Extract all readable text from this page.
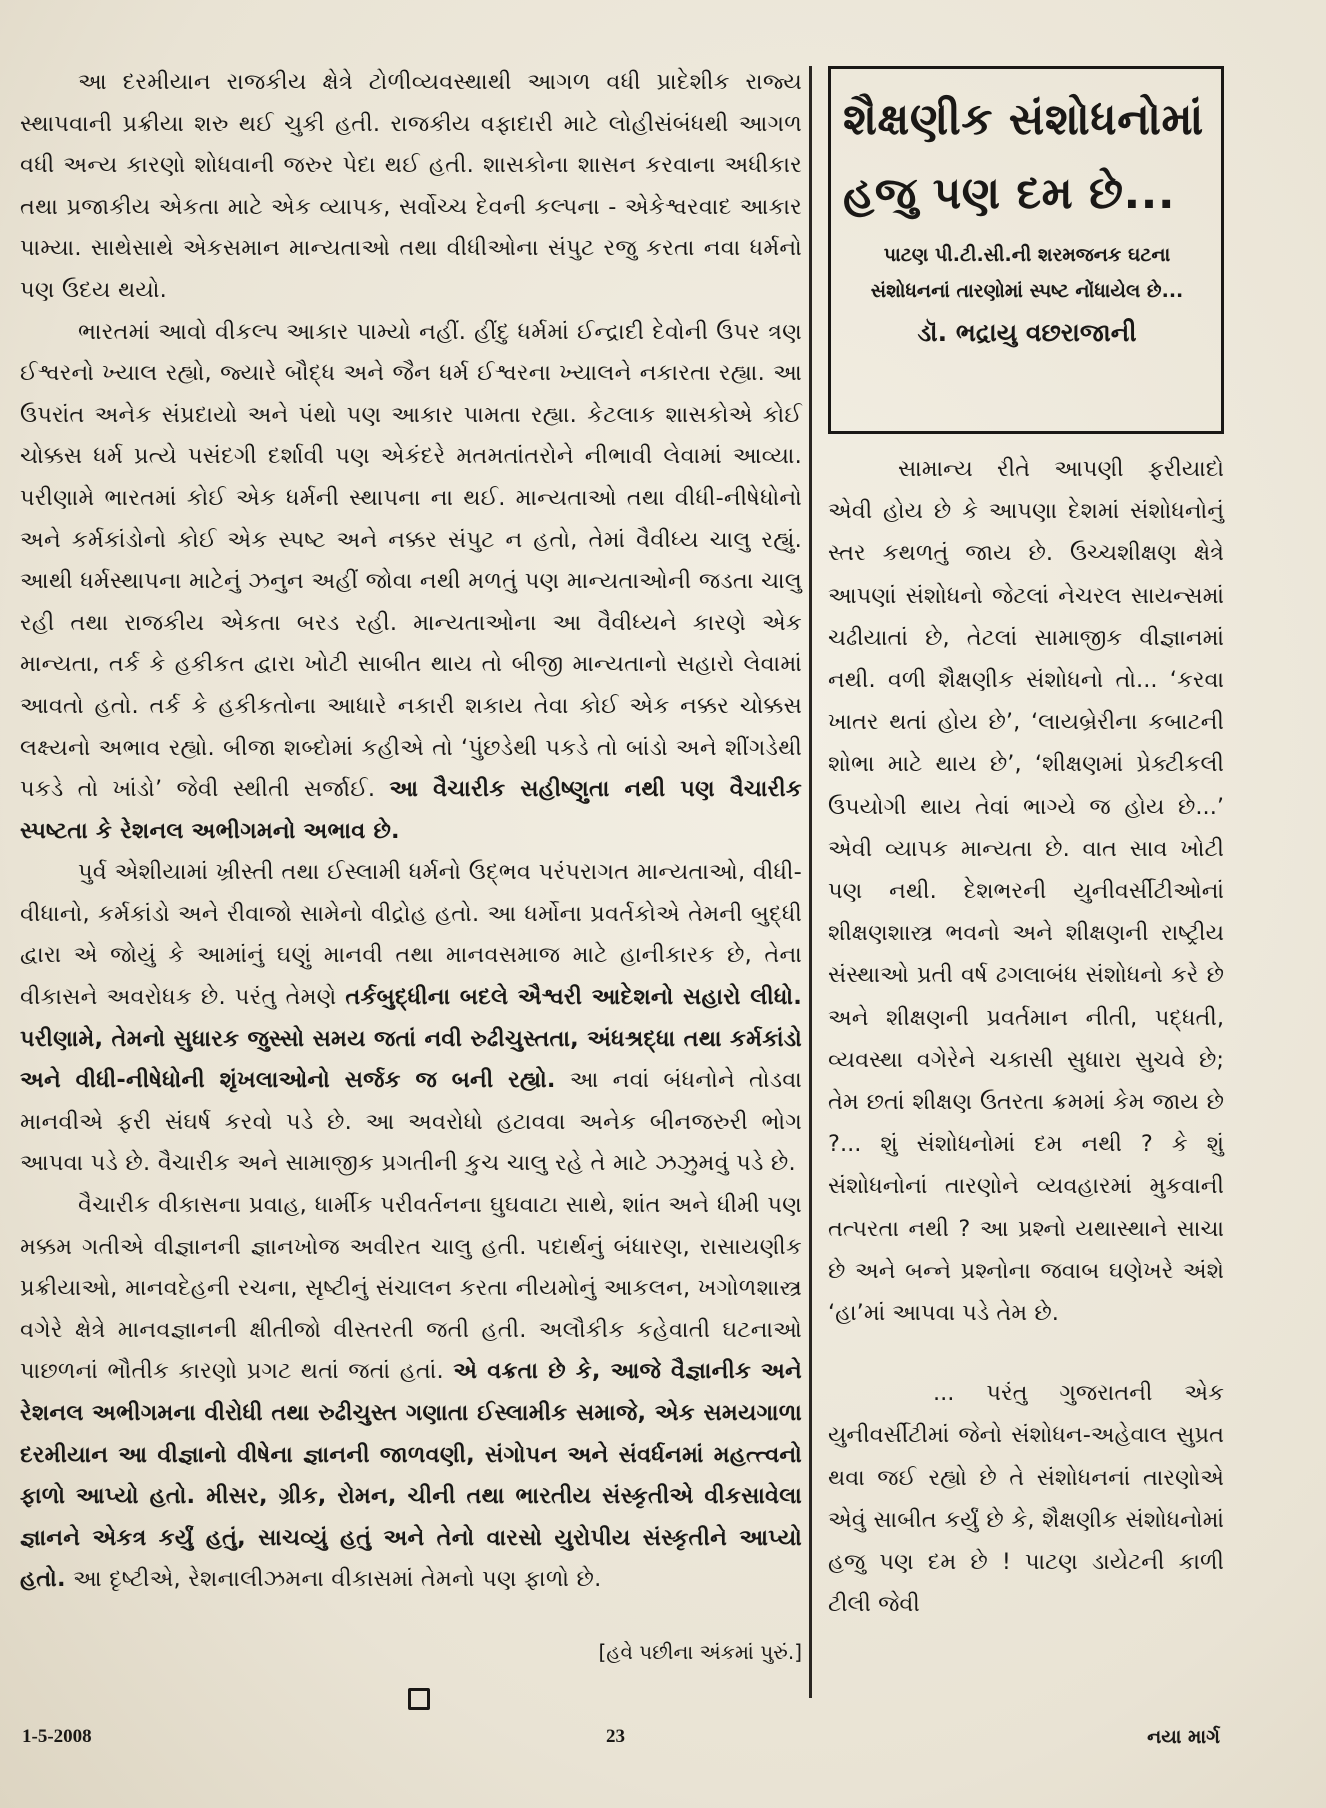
આ દરમીયાન રાજકીય ક્ષેત્રે ટોળીવ્યવસ્થાથી આગળ વધી પ્રાદેશીક રાજ્ય સ્થાપવાની પ્રક્રીયા શરુ થઈ ચુકી હતી. રાજકીય વફાદારી માટે લોહીસંબંધથી આગળ વધી અન્ય કારણો શોધવાની જરુર પેદા થઈ હતી. શાસકોના શાસન કરવાના અધીકાર તથા પ્રજાકીય એકતા માટે એક વ્યાપક, સર્વોચ્ચ દેવની કલ્પના - એકેશ્વરવાદ આકાર પામ્યા. સાથેસાથે એકસમાન માન્યતાઓ તથા વીધીઓના સંપુટ રજુ કરતા નવા ધર્મનો પણ ઉદય થયો.

ભારતમાં આવો વીકલ્પ આકાર પામ્યો નહીં. હીંદુ ધર્મમાં ઈન્દ્રાદી દેવોની ઉપર ત્રણ ઈશ્વરનો ખ્યાલ રહ્યો, જ્યારે બૌદ્ધ અને જૈન ધર્મ ઈશ્વરના ખ્યાલને નકારતા રહ્યા. આ ઉપરાંત અનેક સંપ્રદાયો અને પંથો પણ આકાર પામતા રહ્યા. કેટલાક શાસકોએ કોઈ ચોક્કસ ધર્મ પ્રત્યે પસંદગી દર્શાવી પણ એકંદરે મતમતાંતરોને નીભાવી લેવામાં આવ્યા. પરીણામે ભારતમાં કોઈ એક ધર્મની સ્થાપના ના થઈ. માન્યતાઓ તથા વીધી-નીષેધોનો અને કર્મકાંડોનો કોઈ એક સ્પષ્ટ અને નક્કર સંપુટ ન હતો, તેમાં વૈવીધ્ય ચાલુ રહ્યું. આથી ધર્મસ્થાપના માટેનું ઝનુન અહીં જોવા નથી મળતું પણ માન્યતાઓની જડતા ચાલુ રહી તથા રાજકીય એકતા બરડ રહી. માન્યતાઓના આ વૈવીધ્યને કારણે એક માન્યતા, તર્ક કે હકીકત દ્વારા ખોટી સાબીત થાય તો બીજી માન્યતાનો સહારો લેવામાં આવતો હતો. તર્ક કે હકીકતોના આધારે નકારી શકાય તેવા કોઈ એક નક્કર ચોક્કસ લક્ષ્યનો અભાવ રહ્યો. બીજા શબ્દોમાં કહીએ તો ‘પુંછડેથી પકડે તો બાંડો અને શીંગડેથી પકડે તો ખાંડો’ જેવી સ્થીતી સર્જાઈ. આ વૈચારીક સહીષ્ણુતા નથી પણ વૈચારીક સ્પષ્ટતા કે રેશનલ અભીગમનો અભાવ છે.

પુર્વ એશીયામાં ખ્રીસ્તી તથા ઈસ્લામી ધર્મનો ઉદ્ભવ પરંપરાગત માન્યતાઓ, વીધી-વીધાનો, કર્મકાંડો અને રીવાજો સામેનો વીદ્રોહ હતો. આ ધર્મોના પ્રવર્તકોએ તેમની બુદ્ધી દ્વારા એ જોયું કે આમાંનું ઘણું માનવી તથા માનવસમાજ માટે હાનીકારક છે, તેના વીકાસને અવરોધક છે. પરંતુ તેમણે તર્કબુદ્ધીના બદલે ઐશ્વરી આદેશનો સહારો લીધો. પરીણામે, તેમનો સુધારક જુસ્સો સમય જતાં નવી રુઢીચુસ્તતા, અંધશ્રદ્ધા તથા કર્મકાંડો અને વીધી-નીષેધોની શૃંખલાઓનો સર્જક જ બની રહ્યો. આ નવાં બંધનોને તોડવા માનવીએ ફરી સંઘર્ષ કરવો પડે છે. આ અવરોધો હટાવવા અનેક બીનજરુરી ભોગ આપવા પડે છે. વૈચારીક અને સામાજીક પ્રગતીની કુચ ચાલુ રહે તે માટે ઝઝુમવું પડે છે.

વૈચારીક વીકાસના પ્રવાહ, ધાર્મીક પરીવર્તનના ઘુઘવાટા સાથે, શાંત અને ધીમી પણ મક્કમ ગતીએ વીજ્ઞાનની જ્ઞાનખોજ અવીરત ચાલુ હતી. પદાર્થનું બંધારણ, રાસાયણીક પ્રક્રીયાઓ, માનવદેહની રચના, સૃષ્ટીનું સંચાલન કરતા નીયમોનું આકલન, ખગોળશાસ્ત્ર વગેરે ક્ષેત્રે માનવજ્ઞાનની ક્ષીતીજો વીસ્તરતી જતી હતી. અલૌકીક કહેવાતી ઘટનાઓ પાછળનાં ભૌતીક કારણો પ્રગટ થતાં જતાં હતાં. એ વક્રતા છે કે, આજે વૈજ્ઞાનીક અને રેશનલ અભીગમના વીરોધી તથા રુઢીચુસ્ત ગણાતા ઈસ્લામીક સમાજે, એક સમયગાળા દરમીયાન આ વીજ્ઞાનો વીષેના જ્ઞાનની જાળવણી, સંગોપન અને સંવર્ધનમાં મહત્ત્વનો ફાળો આપ્યો હતો. મીસર, ગ્રીક, રોમન, ચીની તથા ભારતીય સંસ્કૃતીએ વીકસાવેલા જ્ઞાનને એકત્ર કર્યું હતું, સાચવ્યું હતું અને તેનો વારસો યુરોપીય સંસ્કૃતીને આપ્યો હતો. આ દૃષ્ટીએ, રેશનાલીઝમના વીકાસમાં તેમનો પણ ફાળો છે.

[હવે પછીના અંકમાં પુરું.]
શૈક્ષણીક સંશોધનોમાં હજુ પણ દમ છે...

પાટણ પી.ટી.સી.ની શરમજનક ઘટના સંશોધનનાં તારણોમાં સ્પષ્ટ નોંધાયેલ છે...

ડૉ. ભદ્રાયુ વછરાજાની

સામાન્ય રીતે આપણી ફરીયાદો એવી હોય છે કે આપણા દેશમાં સંશોધનોનું સ્તર કથળતું જાય છે. ઉચ્ચશીક્ષણ ક્ષેત્રે આપણાં સંશોધનો જેટલાં નેચરલ સાયન્સમાં ચઢીયાતાં છે, તેટલાં સામાજીક વીજ્ઞાનમાં નથી. વળી શૈક્ષણીક સંશોધનો તો... ‘કરવા ખાતર થતાં હોય છે’, ‘લાયબ્રેરીના કબાટની શોભા માટે થાય છે’, ‘શીક્ષણમાં પ્રેક્ટીકલી ઉપયોગી થાય તેવાં ભાગ્યે જ હોય છે...’ એવી વ્યાપક માન્યતા છે. વાત સાવ ખોટી પણ નથી. દેશભરની યુનીવર્સીટીઓનાં શીક્ષણશાસ્ત્ર ભવનો અને શીક્ષણની રાષ્ટ્રીય સંસ્થાઓ પ્રતી વર્ષ ઢગલાબંધ સંશોધનો કરે છે અને શીક્ષણની પ્રવર્તમાન નીતી, પદ્ધતી, વ્યવસ્થા વગેરેને ચકાસી સુધારા સુચવે છે; તેમ છતાં શીક્ષણ ઉતરતા ક્રમમાં કેમ જાય છે ?... શું સંશોધનોમાં દમ નથી ? કે શું સંશોધનોનાં તારણોને વ્યવહારમાં મુકવાની તત્પરતા નથી ? આ પ્રશ્નો યથાસ્થાને સાચા છે અને બન્ને પ્રશ્નોના જવાબ ઘણેખરે અંશે ‘હા’માં આપવા પડે તેમ છે.

... પરંતુ ગુજરાતની એક યુનીવર્સીટીમાં જેનો સંશોધન-અહેવાલ સુપ્રત થવા જઈ રહ્યો છે તે સંશોધનનાં તારણોએ એવું સાબીત કર્યું છે કે, શૈક્ષણીક સંશોધનોમાં હજુ પણ દમ છે ! પાટણ ડાયેટની કાળી ટીલી જેવી

1-5-2008	23	નયા માર્ગ
